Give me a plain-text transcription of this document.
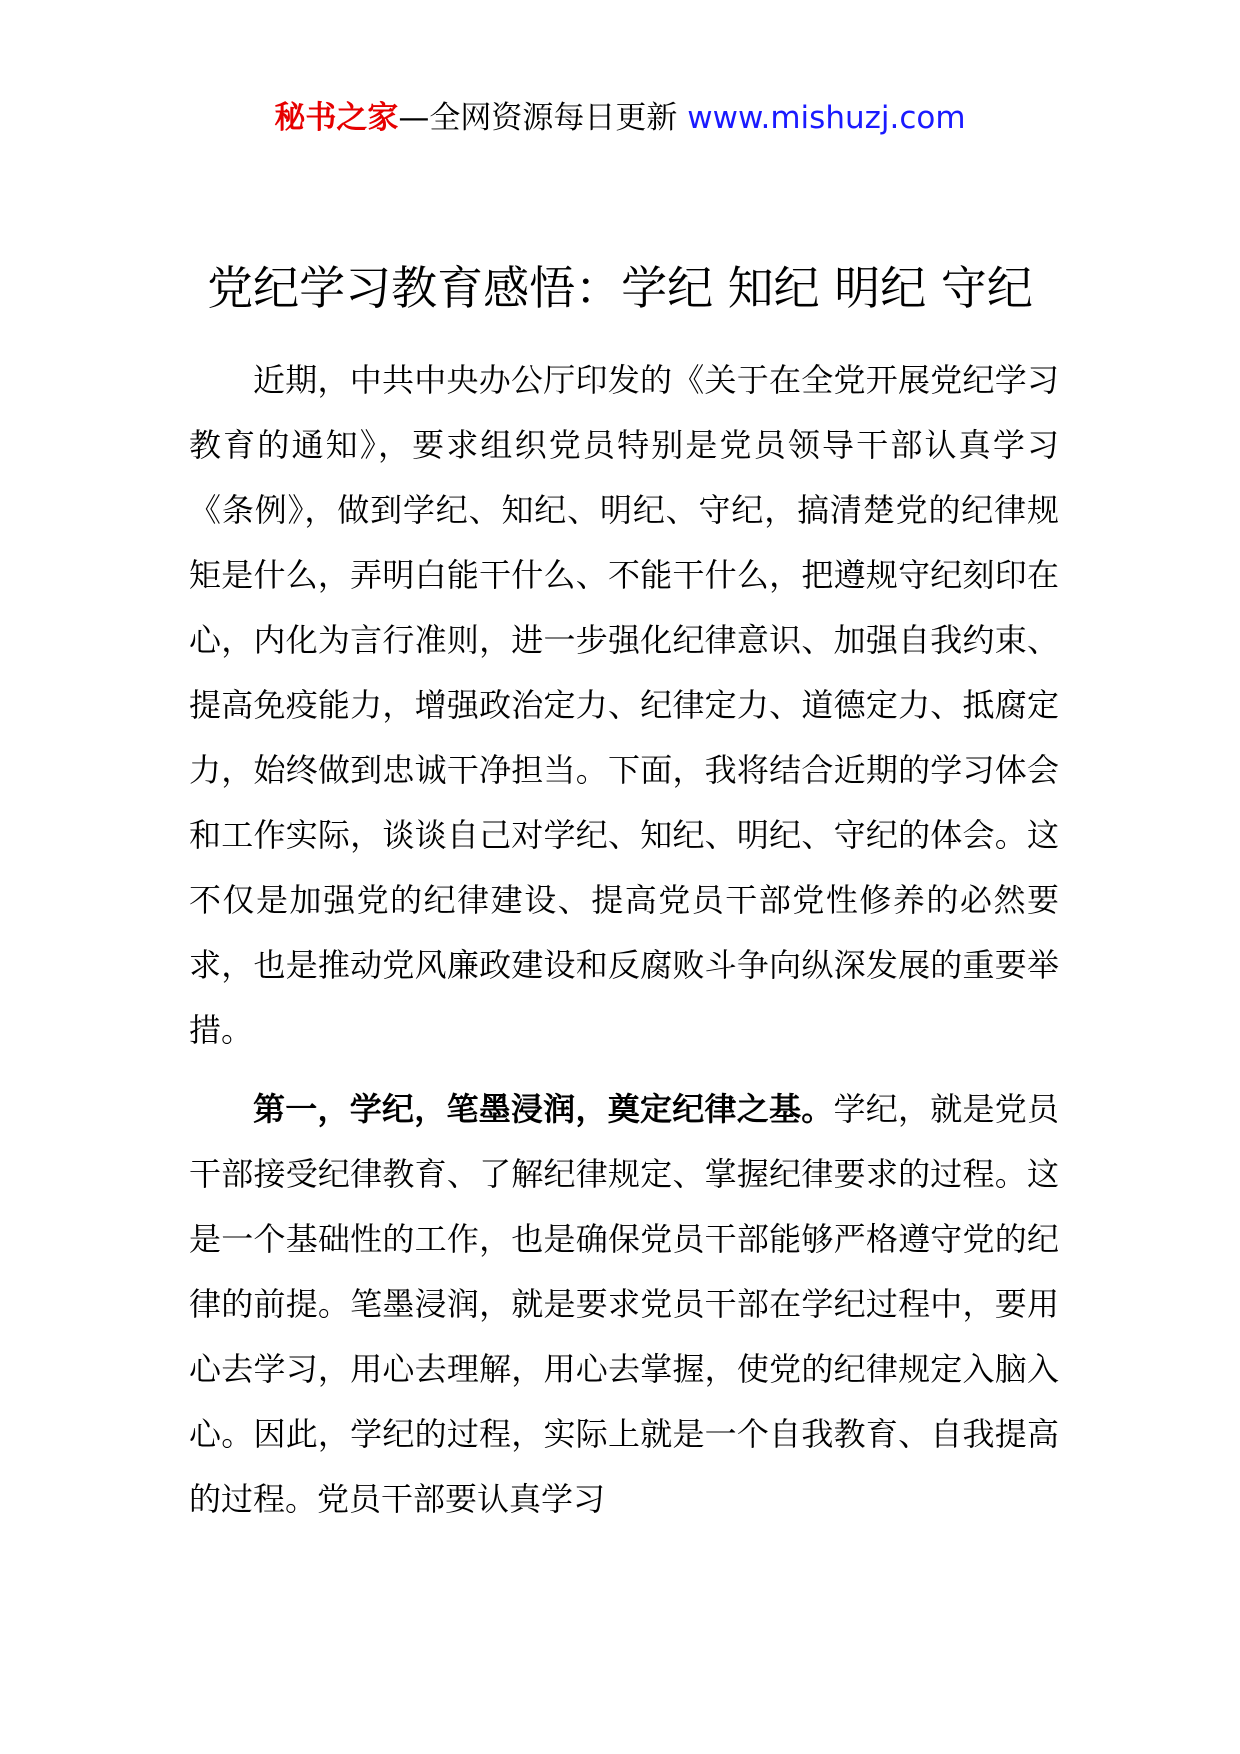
秘书之家—全网资源每日更新 www.mishuzj.com
党纪学习教育感悟：学纪 知纪 明纪 守纪

近期，中共中央办公厅印发的《关于在全党开展党纪学习教育的通知》，要求组织党员特别是党员领导干部认真学习《条例》，做到学纪、知纪、明纪、守纪，搞清楚党的纪律规矩是什么，弄明白能干什么、不能干什么，把遵规守纪刻印在心，内化为言行准则，进一步强化纪律意识、加强自我约束、提高免疫能力，增强政治定力、纪律定力、道德定力、抵腐定力，始终做到忠诚干净担当。下面，我将结合近期的学习体会和工作实际，谈谈自己对学纪、知纪、明纪、守纪的体会。这不仅是加强党的纪律建设、提高党员干部党性修养的必然要求，也是推动党风廉政建设和反腐败斗争向纵深发展的重要举措。

第一，学纪，笔墨浸润，奠定纪律之基。学纪，就是党员干部接受纪律教育、了解纪律规定、掌握纪律要求的过程。这是一个基础性的工作，也是确保党员干部能够严格遵守党的纪律的前提。笔墨浸润，就是要求党员干部在学纪过程中，要用心去学习，用心去理解，用心去掌握，使党的纪律规定入脑入心。因此，学纪的过程，实际上就是一个自我教育、自我提高的过程。党员干部要认真学习
